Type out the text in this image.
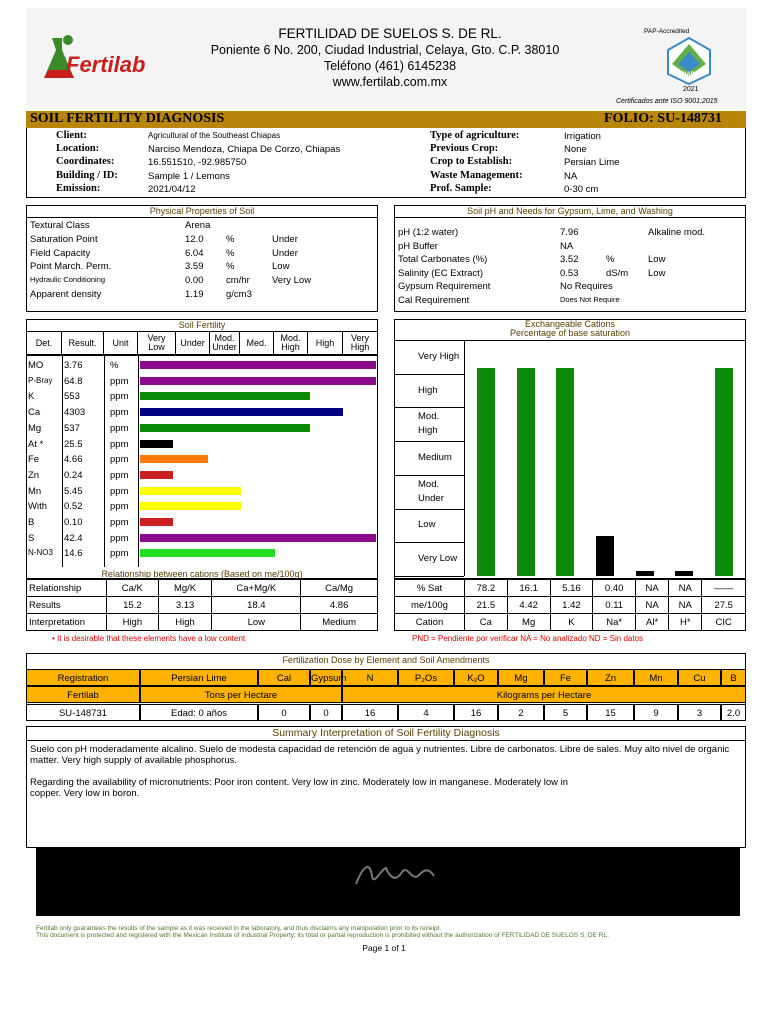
Fertilab
FERTILIDAD DE SUELOS S. DE RL.
Poniente 6 No. 200, Ciudad Industrial, Celaya, Gto. C.P. 38010
Teléfono (461) 6145238
www.fertilab.com.mx
PAP-Accredited
NAPT
2021
Certificados ante ISO 9001:2015
SOIL FERTILITY DIAGNOSIS	FOLIO: SU-148731
Client:	Agricultural of the Southeast Chiapas
Location:	Narciso Mendoza, Chiapa De Corzo, Chiapas
Coordinates:	16.551510, -92.985750
Building / ID:	Sample 1 / Lemons
Emission:	2021/04/12
Type of agriculture:	Irrigation
Previous Crop:	None
Crop to Establish:	Persian Lime
Waste Management:	NA
Prof. Sample:	0-30 cm
Physical Properties of Soil
Textural Class	Arena
Saturation Point	12.0 %	Under
Field Capacity	6.04 %	Under
Point March. Perm.	3.59 %	Low
Hydraulic Conditioning	0.00 cm/hr Very Low
Apparent density	1.19 g/cm3
Soil pH and Needs for Gypsum, Lime, and Washing
pH (1:2 water)	7.96	Alkaline mod.
pH Buffer	NA
Total Carbonates (%)	3.52	%	Low
Salinity (EC Extract)	0.53	dS/m Low
Gypsum Requirement	No Requires
Cal Requirement	Does Not Require
Soil Fertility
Det.	Result.	Unit	Very Low	Under	Mod. Under	Med.	Mod. High	High	Very High
MO 3.76	%
P-Bray 64.8	ppm
K	553	ppm
Ca	4303	ppm
Mg 537	ppm
At * 25.5	ppm
Fe	4.66	ppm
Zn	0.24	ppm
Mn 5.45	ppm
With 0.52	ppm
B	0.10	ppm
S	42.4	ppm
N-NO3 14.6	ppm
Exchangeable Cations
Percentage of base saturation
Very High
High
Mod. High
Medium
Mod. Under
Low
Very Low
Relationship between cations (Based on me/100g)
Relationship	Ca/K	Mg/K	Ca+Mg/K	Ca/Mg
Results	15.2	3.13	18.4	4.86
Interpretation	High	High	Low	Medium
% Sat	78.2	16.1	5.16	0.40	NA	NA	——
me/100g	21.5	4.42	1.42	0.11	NA	NA	27.5
Cation	Ca	Mg	K	Na*	Al*	H*	CIC
• It is desirable that these elements have a low content	PND = Pendiente por verificar NA = No analizado ND = Sin datos
Fertilization Dose by Element and Soil Amendments
Registration	Persian Lime	Cal	Gypsum	N	P₂Os	K₂O	Mg	Fe	Zn	Mn	Cu	B
Fertilab	Tons per Hectare	Kilograms per Hectare
SU-148731	Edad: 0 años	0	0	16	4	16	2	5	15	9	3	2.0
Summary Interpretation of Soil Fertility Diagnosis
Suelo con pH moderadamente alcalino. Suelo de modesta capacidad de retención de agua y nutrientes. Libre de carbonatos. Libre de sales. Muy alto nivel de organic matter. Very high supply of available phosphorus.
Regarding the availability of micronutrients: Poor iron content. Very low in zinc. Moderately low in manganese. Moderately low in copper. Very low in boron.
Fertilab only guarantees the results of the sample as it was received in the laboratory, and thus disclaims any manipulation prior to its receipt.
This document is protected and registered with the Mexican Institute of Industrial Property; its total or partial reproduction is prohibited without the authorization of FERTILIDAD DE SUELOS S. DE RL.
Page 1 of 1
